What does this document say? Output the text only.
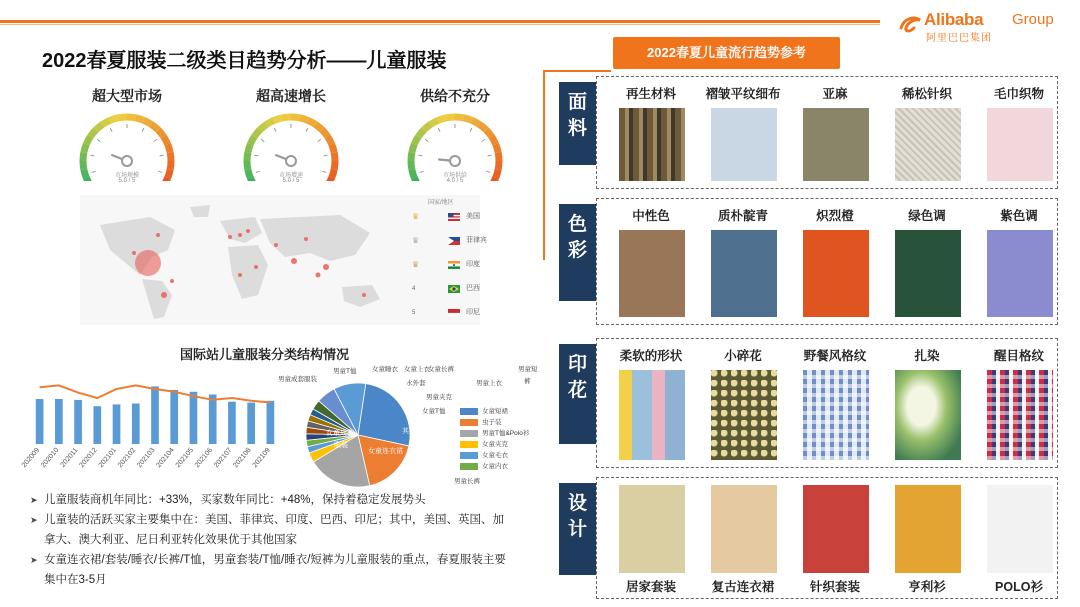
Alibaba Group
阿里巴巴集团
2022春夏服装二级类目趋势分析——儿童服装
超大型市场
市场规模
5.0 / 5
超高速增长
市场增速
5.0 / 5
供给不充分
市场供给
4.0 / 5
国家/地区
♛	美国
♛	菲律宾
♛	印度
4	巴西
5	印尼
国际站儿童服装分类结构情况
202009
202010 202011
202012
202101
202102
202103
202104
202105
202106
202107
202108
202109
男童T恤 女童睡衣 女童上衣
女童长裤
男童成套服装
水外套	男童上衣
男童短
裤
男童夹克
女童T恤
男童长裤
女童成套
服装
女童连衣裙
其他
女童短裙
虫子装
男童T恤&Polo衫
女童夹克
女童毛衣
女童内衣
➤ 儿童服装商机年同比：+33%，买家数年同比：+48%，保持着稳定发展势头
➤ 儿童装的活跃买家主要集中在：美国、菲律宾、印度、巴西、印尼；其中，美国、英国、加拿大、澳大利亚、尼日利亚转化效果优于其他国家
➤ 女童连衣裙/套装/睡衣/长裤/T恤，男童套装/T恤/睡衣/短裤为儿童服装的重点，春夏服装主要集中在3-5月
2022春夏儿童流行趋势参考
面
料
再生材料	褶皱平纹细布	亚麻	稀松针织	毛巾织物
色
彩
中性色	质朴靛青	炽烈橙	绿色调	紫色调
印
花
柔软的形状	小碎花	野餐风格纹	扎染	醒目格纹
设
计
居家套装	复古连衣裙	针织套装	亨利衫	POLO衫
